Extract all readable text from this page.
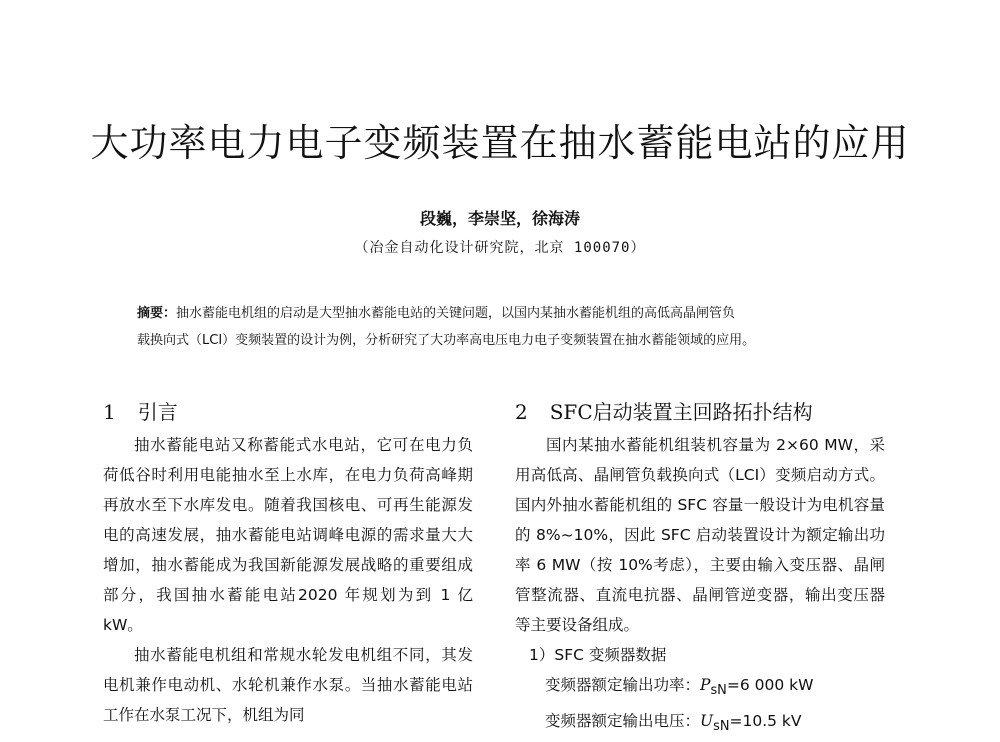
大功率电力电子变频装置在抽水蓄能电站的应用
段巍，李崇坚，徐海涛
（冶金自动化设计研究院，北京 100070）
摘要：抽水蓄能电机组的启动是大型抽水蓄能电站的关键问题，以国内某抽水蓄能机组的高低高晶闸管负
载换向式（LCI）变频装置的设计为例，分析研究了大功率高电压电力电子变频装置在抽水蓄能领域的应用。
1 引言	2 SFC启动装置主回路拓扑结构

抽水蓄能电站又称蓄能式水电站，它可在电力负荷低谷时利用电能抽水至上水库，在电力负荷高峰期再放水至下水库发电。随着我国核电、可再生能源发电的高速发展，抽水蓄能电站调峰电源的需求量大大增加，抽水蓄能成为我国新能源发展战略的重要组成部分，我国抽水蓄能电站2020 年规划为到 1 亿 kW。

抽水蓄能电机组和常规水轮发电机组不同，其发电机兼作电动机、水轮机兼作水泵。当抽水蓄能电站工作在水泵工况下，机组为同

国内某抽水蓄能机组装机容量为 2×60 MW，采用高低高、晶闸管负载换向式（LCI）变频启动方式。国内外抽水蓄能机组的 SFC 容量一般设计为电机容量的 8%~10%，因此 SFC 启动装置设计为额定输出功率 6 MW（按 10%考虑），主要由输入变压器、晶闸管整流器、直流电抗器、晶闸管逆变器，输出变压器等主要设备组成。

1）SFC 变频器数据

变频器额定输出功率：$P_{sN}=6$ 000 kW

变频器额定输出电压：$U_{sN}=10.5$ kV
